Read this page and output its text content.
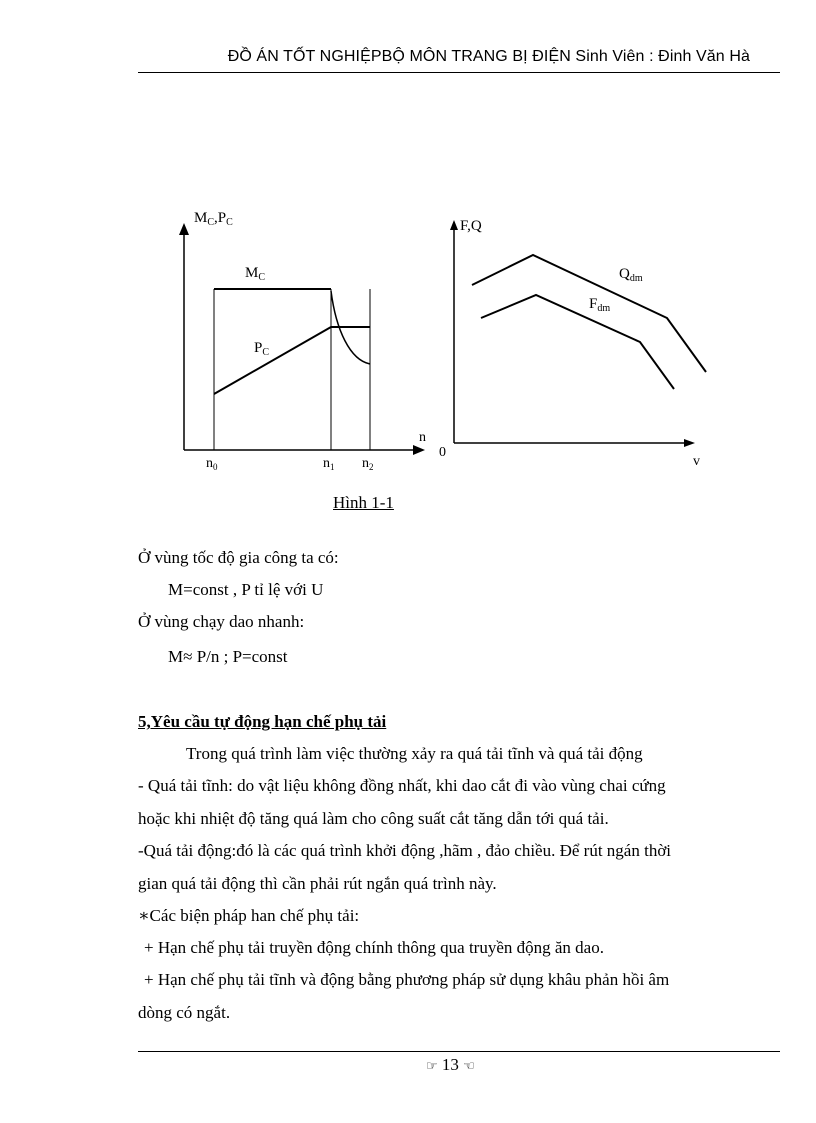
ĐỒ ÁN TỐT NGHIỆPBỘ MÔN TRANG BỊ ĐIỆN Sinh Viên : Đinh Văn Hà
$M_C,P_C$
$M_C$
$P_C$
n
$n_0$	$n_1$ $n_2$
F,Q
0
v
$Q_{dm}$
$F_{dm}$
Hình 1-1
Ở vùng tốc độ gia công ta có:
M=const , P tỉ lệ với U
Ở vùng chạy dao nhanh:
M≈ P/n ; P=const
5,Yêu cầu tự động hạn chế phụ tải
Trong quá trình làm việc thường xảy ra quá tải tĩnh và quá tải động
- Quá tải tĩnh: do vật liệu không đồng nhất, khi dao cắt đi vào vùng chai cứng
hoặc khi nhiệt độ tăng quá làm cho công suất cắt tăng dẫn tới quá tải.
-Quá tải động:đó là các quá trình khởi động ,hãm , đảo chiều. Để rút ngán thời
gian quá tải động thì cần phải rút ngắn quá trình này.
∗Các biện pháp han chế phụ tải:
+ Hạn chế phụ tải truyền động chính thông qua truyền động ăn dao.
+ Hạn chế phụ tải tĩnh và động bằng phương pháp sử dụng khâu phản hồi âm
dòng có ngắt.
☞ 13 ☜
